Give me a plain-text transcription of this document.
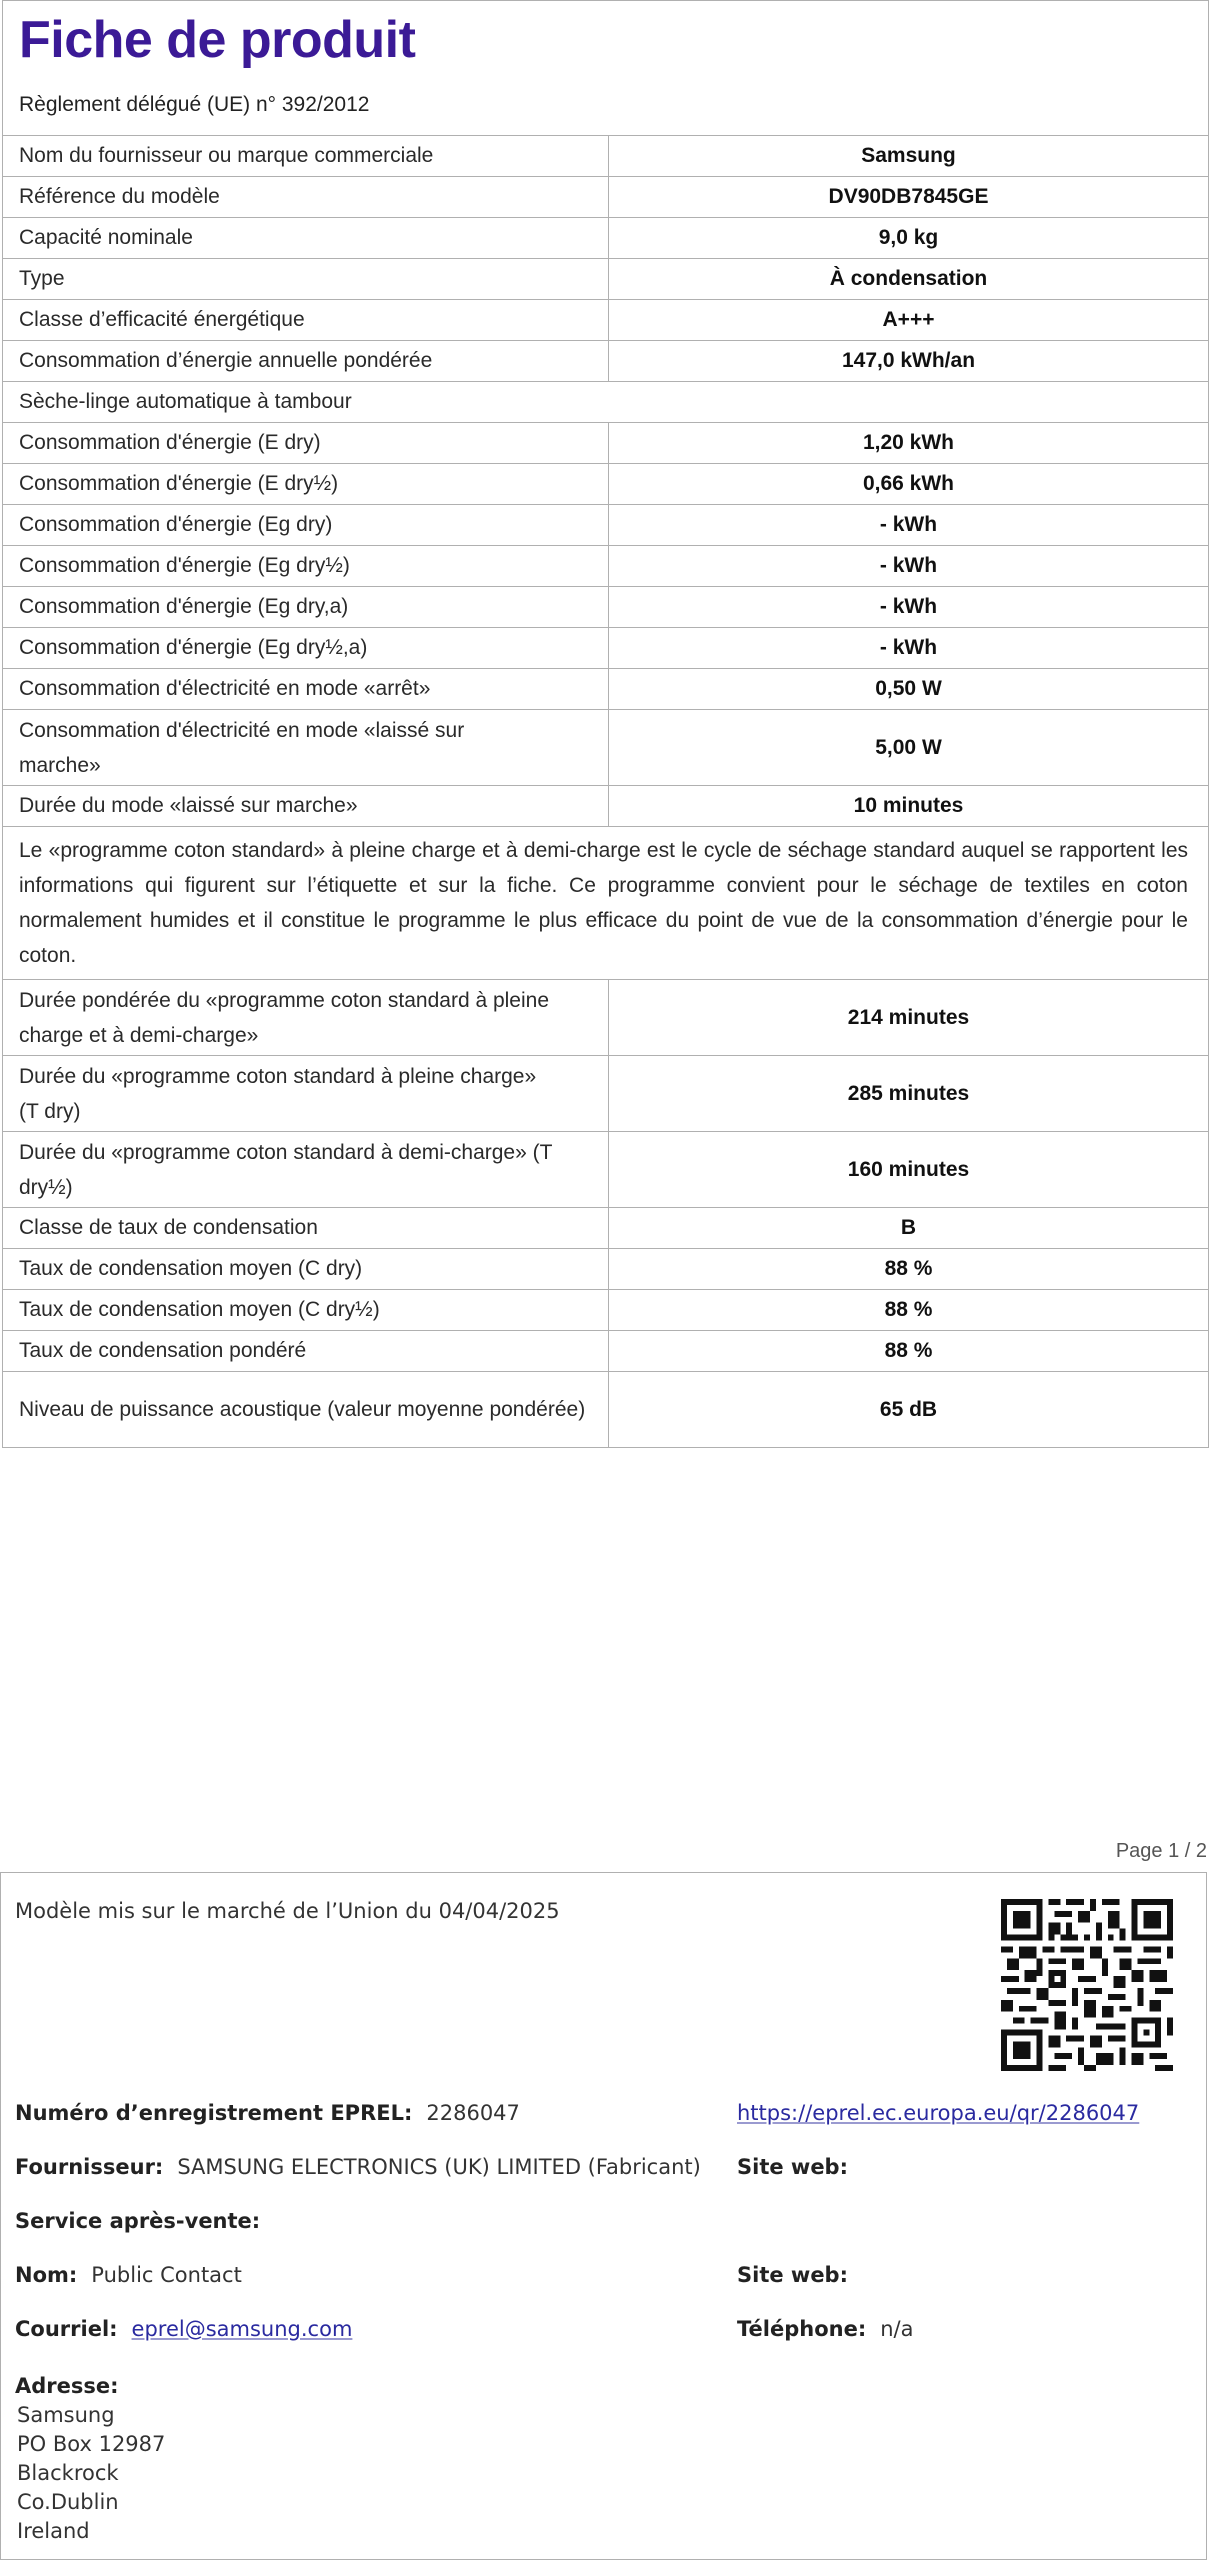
Fiche de produit
Règlement délégué (UE) n° 392/2012
Nom du fournisseur ou marque commerciale	Samsung
Référence du modèle	DV90DB7845GE
Capacité nominale	9,0 kg
Type	À condensation
Classe d’efficacité énergétique	A+++
Consommation d’énergie annuelle pondérée	147,0 kWh/an
Sèche-linge automatique à tambour	
Consommation d'énergie (E dry)	1,20 kWh
Consommation d'énergie (E dry½)	0,66 kWh
Consommation d'énergie (Eg dry)	- kWh
Consommation d'énergie (Eg dry½)	- kWh
Consommation d'énergie (Eg dry,a)	- kWh
Consommation d'énergie (Eg dry½,a)	- kWh
Consommation d'électricité en mode «arrêt»	0,50 W
Consommation d'électricité en mode «laissé sur marche»	5,00 W
Durée du mode «laissé sur marche»	10 minutes
Le «programme coton standard» à pleine charge et à demi-charge est le cycle de séchage standard auquel se rapportent les informations qui figurent sur l’étiquette et sur la fiche. Ce programme convient pour le séchage de textiles en coton normalement humides et il constitue le programme le plus efficace du point de vue de la consommation d’énergie pour le coton.	
Durée pondérée du «programme coton standard à pleine charge et à demi-charge»	214 minutes
Durée du «programme coton standard à pleine charge» (T dry)	285 minutes
Durée du «programme coton standard à demi-charge» (T dry½)	160 minutes
Classe de taux de condensation	B
Taux de condensation moyen (C dry)	88 %
Taux de condensation moyen (C dry½)	88 %
Taux de condensation pondéré	88 %
Niveau de puissance acoustique (valeur moyenne pondérée)	65 dB
Page 1 / 2
Modèle mis sur le marché de l’Union du 04/04/2025
Numéro d’enregistrement EPREL: 2286047	https://eprel.ec.europa.eu/qr/2286047
Fournisseur: SAMSUNG ELECTRONICS (UK) LIMITED (Fabricant) Site web:
Service après-vente:
Nom: Public Contact	Site web:
Courriel: eprel@samsung.com	Téléphone: n/a
Adresse:
Samsung
PO Box 12987
Blackrock
Co.Dublin
Ireland
